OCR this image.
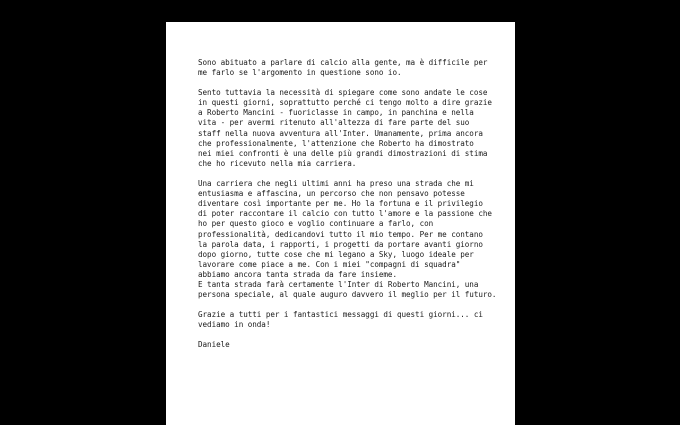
Sono abituato a parlare di calcio alla gente, ma è difficile per
me farlo se l'argomento in questione sono io.
Sento tuttavia la necessità di spiegare come sono andate le cose
in questi giorni, soprattutto perché ci tengo molto a dire grazie
a Roberto Mancini - fuoriclasse in campo, in panchina e nella
vita - per avermi ritenuto all'altezza di fare parte del suo
staff nella nuova avventura all'Inter. Umanamente, prima ancora
che professionalmente, l'attenzione che Roberto ha dimostrato
nei miei confronti è una delle più grandi dimostrazioni di stima
che ho ricevuto nella mia carriera.
Una carriera che negli ultimi anni ha preso una strada che mi
entusiasma e affascina, un percorso che non pensavo potesse
diventare così importante per me. Ho la fortuna e il privilegio
di poter raccontare il calcio con tutto l'amore e la passione che
ho per questo gioco e voglio continuare a farlo, con
professionalità, dedicandovi tutto il mio tempo. Per me contano
la parola data, i rapporti, i progetti da portare avanti giorno
dopo giorno, tutte cose che mi legano a Sky, luogo ideale per
lavorare come piace a me. Con i miei "compagni di squadra"
abbiamo ancora tanta strada da fare insieme.
E tanta strada farà certamente l'Inter di Roberto Mancini, una
persona speciale, al quale auguro davvero il meglio per il futuro.
Grazie a tutti per i fantastici messaggi di questi giorni... ci
vediamo in onda!
Daniele
